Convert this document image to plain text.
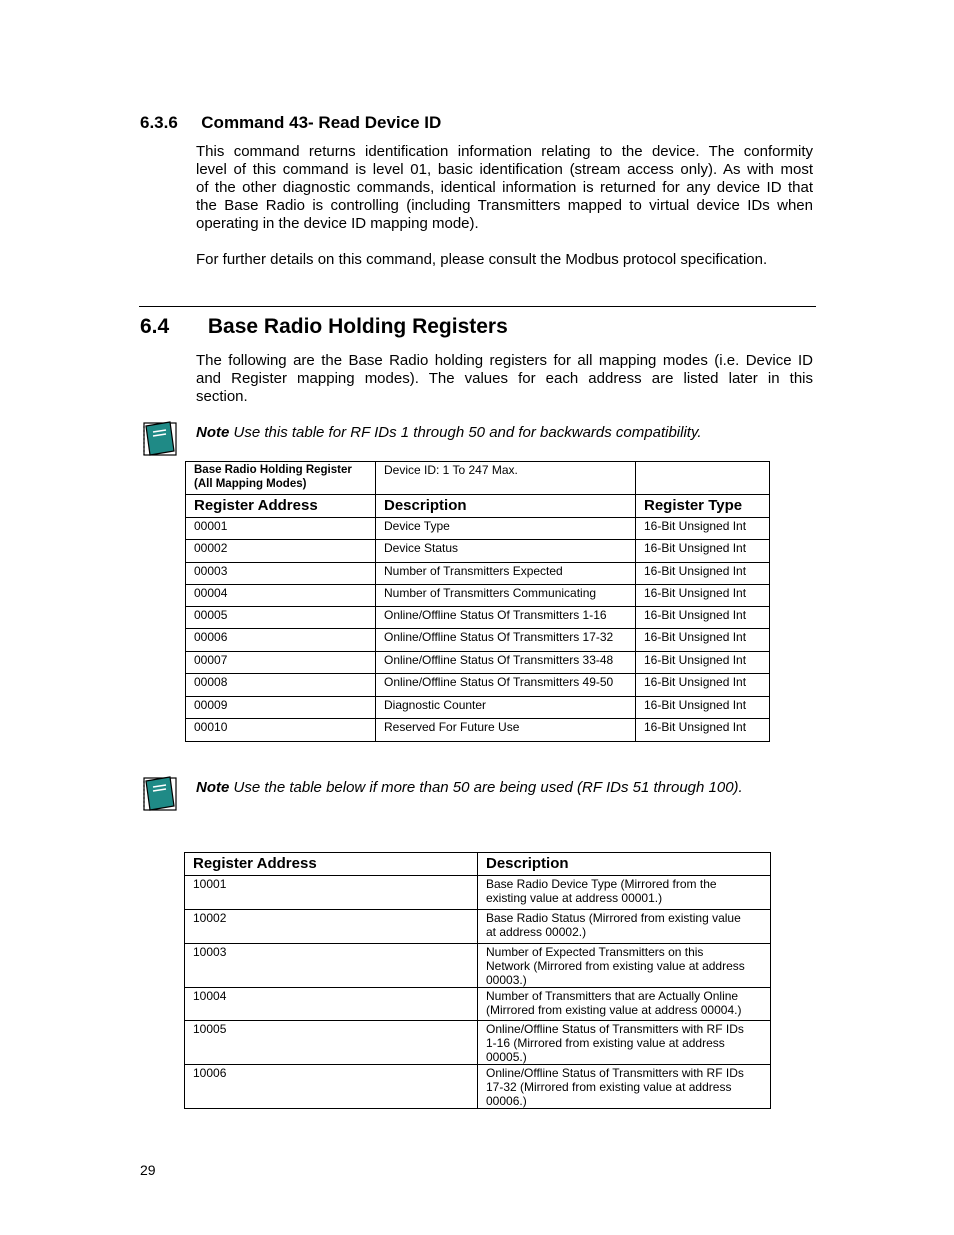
6.3.6 Command 43- Read Device ID
This command returns identification information relating to the device. The conformity
level of this command is level 01, basic identification (stream access only). As with most
of the other diagnostic commands, identical information is returned for any device ID that
the Base Radio is controlling (including Transmitters mapped to virtual device IDs when
operating in the device ID mapping mode).
For further details on this command, please consult the Modbus protocol specification.
6.4 Base Radio Holding Registers
The following are the Base Radio holding registers for all mapping modes (i.e. Device ID
and Register mapping modes). The values for each address are listed later in this
section.
Note Use this table for RF IDs 1 through 50 and for backwards compatibility.
Base Radio Holding Register
(All Mapping Modes)	Device ID: 1 To 247 Max.	
Register Address	Description	Register Type
00001	Device Type	16-Bit Unsigned Int
00002	Device Status	16-Bit Unsigned Int
00003	Number of Transmitters Expected	16-Bit Unsigned Int
00004	Number of Transmitters Communicating	16-Bit Unsigned Int
00005	Online/Offline Status Of Transmitters 1-16	16-Bit Unsigned Int
00006	Online/Offline Status Of Transmitters 17-32	16-Bit Unsigned Int
00007	Online/Offline Status Of Transmitters 33-48	16-Bit Unsigned Int
00008	Online/Offline Status Of Transmitters 49-50	16-Bit Unsigned Int
00009	Diagnostic Counter	16-Bit Unsigned Int
00010	Reserved For Future Use	16-Bit Unsigned Int
Note Use the table below if more than 50 are being used (RF IDs 51 through 100).
Register Address	Description
10001	Base Radio Device Type (Mirrored from the
existing value at address 00001.)

10002	Base Radio Status (Mirrored from existing value
at address 00002.)

10003	Number of Expected Transmitters on this
Network (Mirrored from existing value at address
00003.)

10004	Number of Transmitters that are Actually Online
(Mirrored from existing value at address 00004.)

10005	Online/Offline Status of Transmitters with RF IDs
1-16 (Mirrored from existing value at address
00005.)

10006	Online/Offline Status of Transmitters with RF IDs
17-32 (Mirrored from existing value at address
00006.)
29
